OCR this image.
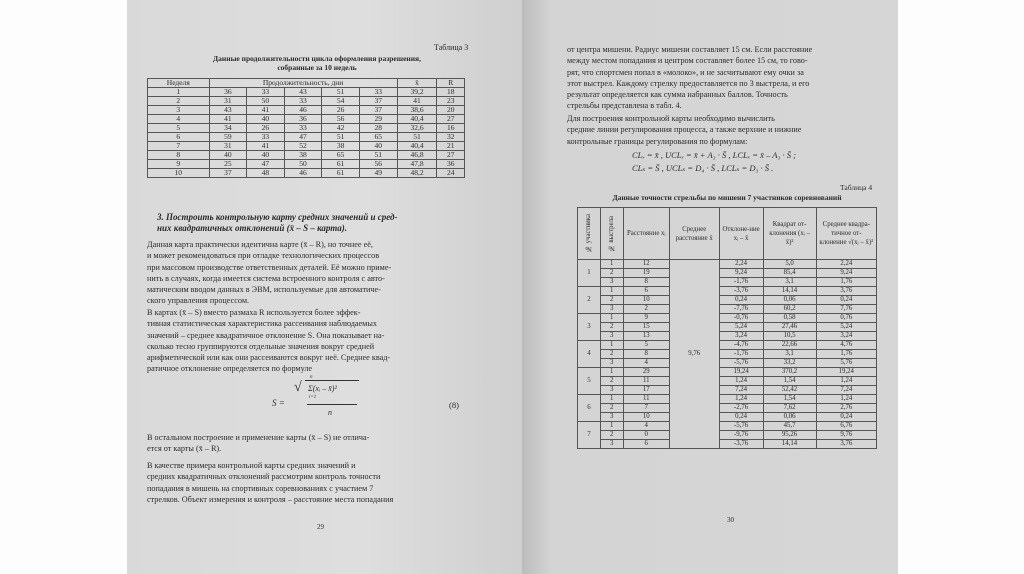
Таблица 3
Данные продолжительности цикла оформления разрешения,
собранные за 10 недель
Неделя	Продолжительность, дни					x̄	R
1	36	33	43	51	33	39,2	18
2	31	50	33	54	37	41	23
3	43	41	46	26	37	38,6	20
4	41	40	36	56	29	40,4	27
5	34	26	33	42	28	32,6	16
6	59	33	47	51	65	51	32
7	31	41	52	38	40	40,4	21
8	40	40	38	65	51	46,8	27
9	25	47	50	61	56	47,8	36
10	37	48	46	61	49	48,2	24
3. Построить контрольную карту средних значений и сред-
них квадратичных отклонений (x̄ – S – карта).
Данная карта практически идентична карте (x̄ – R), но точнее её,
и может рекомендоваться при отладке технологических процессов
при массовом производстве ответственных деталей. Её можно приме-
нить в случаях, когда имеется система встроенного контроля с авто-
матическим вводом данных в ЭВМ, используемые для автоматиче-
ского управления процессом.
В картах (x̄ – S) вместо размаха R используется более эффек-
тивная статистическая характеристика рассеивания наблюдаемых
значений – среднее квадратичное отклонение S. Она показывает на-
сколько тесно группируются отдельные значения вокруг средней
арифметической или как они рассеиваются вокруг неё. Среднее квад-
ратичное отклонение определяется по формуле
S =
√
n
Σ(xᵢ – x̄)²
i=1
n
(8)
В остальном построение и применение карты (x̄ – S) не отлича-
ется от карты (x̄ – R).
В качестве примера контрольной карты средних значений и
средних квадратичных отклонений рассмотрим контроль точности
попадания в мишень на спортивных соревнованиях с участием 7
стрелков. Объект измерения и контроля – расстояние места попадания
29
от центра мишени. Радиус мишени составляет 15 см. Если расстояние
между местом попадания и центром составляет более 15 см, то гово-
рят, что спортсмен попал в «молоко», и не засчитывают ему очки за
этот выстрел. Каждому стрелку предоставляется по 3 выстрела, и его
результат определяется как сумма набранных баллов. Точность
стрельбы представлена в табл. 4.
Для построения контрольной карты необходимо вычислить
средние линии регулирования процесса, а также верхние и нижние
контрольные границы регулирования по формулам:
CLₓ = x̄ , UCLₓ = x̄ + A₃ · S̄ , LCLₓ = x̄ – A₃ · S̄ ;
CLₛ = S̄ , UCLₛ = D₄ · S̄ , LCLₛ = D₃ · S̄ .
Таблица 4
Данные точности стрельбы по мишени 7 участников соревнований
№ участника	№ выстрела	Расстояние xᵢ	Среднее расстояние x̄	Отклоне-ние xᵢ – x̄	Квадрат от-клонения (xᵢ – x̄)²	Среднее квадра-тичное от-клонение √(xᵢ – x̄)²
1	1	12	9,76	2,24	5,0	2,24
	2	19		9,24	85,4	9,24
	3	8		-1,76	3,1	1,76
2	1	6		-3,76	14,14	3,76
	2	10		0,24	0,06	0,24
	3	2		-7,76	60,2	7,76
3	1	9		-0,76	0,58	0,76
	2	15		5,24	27,46	5,24
	3	13		3,24	10,5	3,24
4	1	5		-4,76	22,66	4,76
	2	8		-1,76	3,1	1,76
	3	4		-5,76	33,2	5,76
5	1	29		19,24	370,2	19,24
	2	11		1,24	1,54	1,24
	3	17		7,24	52,42	7,24
6	1	11		1,24	1,54	1,24
	2	7		-2,76	7,62	2,76
	3	10		0,24	0,06	0,24
7	1	4		-5,76	45,7	6,76
	2	0		-9,76	95,26	9,76
	3	6		-3,76	14,14	3,76
30
